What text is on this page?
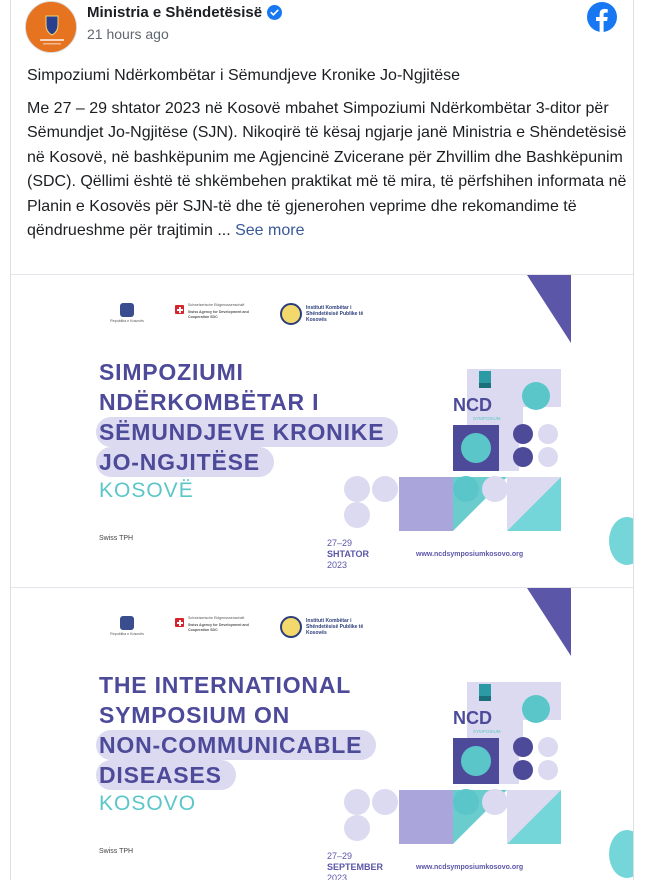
Ministria e Shëndetësisë
21 hours ago

Simpoziumi Ndërkombëtar i Sëmundjeve Kronike Jo-Ngjitëse

Me 27 – 29 shtator 2023 në Kosovë mbahet Simpoziumi Ndërkombëtar 3-ditor për Sëmundjet Jo-Ngjitëse (SJN). Nikoqirë të kësaj ngjarje janë Ministria e Shëndetësisë në Kosovë, në bashkëpunim me Agjencinë Zvicerane për Zhvillim dhe Bashkëpunim (SDC). Qëllimi është të shkëmbehen praktikat më të mira, të përfshihen informata në Planin e Kosovës për SJN-të dhe të gjenerohen veprime dhe rekomandime të qëndrueshme për trajtimin ... See more

Republika e Kosovës
Schweizerische Eidgenossenschaft
Swiss Agency for Development and Cooperation SDC
Instituti Kombëtar i Shëndetësisë Publike të Kosovës
SIMPOZIUMI
NDËRKOMBËTAR I
SËMUNDJEVE KRONIKE
JO-NGJITËSE
KOSOVË
Swiss TPH	27–29
SHTATOR
2023
www.ncdsymposiumkosovo.org
NCD
SYMPOSIUM
Republika e Kosovës
Schweizerische Eidgenossenschaft
Swiss Agency for Development and Cooperation SDC
Instituti Kombëtar i Shëndetësisë Publike të Kosovës
THE INTERNATIONAL
SYMPOSIUM ON
NON-COMMUNICABLE
DISEASES
KOSOVO
Swiss TPH	27–29
SEPTEMBER
2023
www.ncdsymposiumkosovo.org
NCD
SYMPOSIUM
